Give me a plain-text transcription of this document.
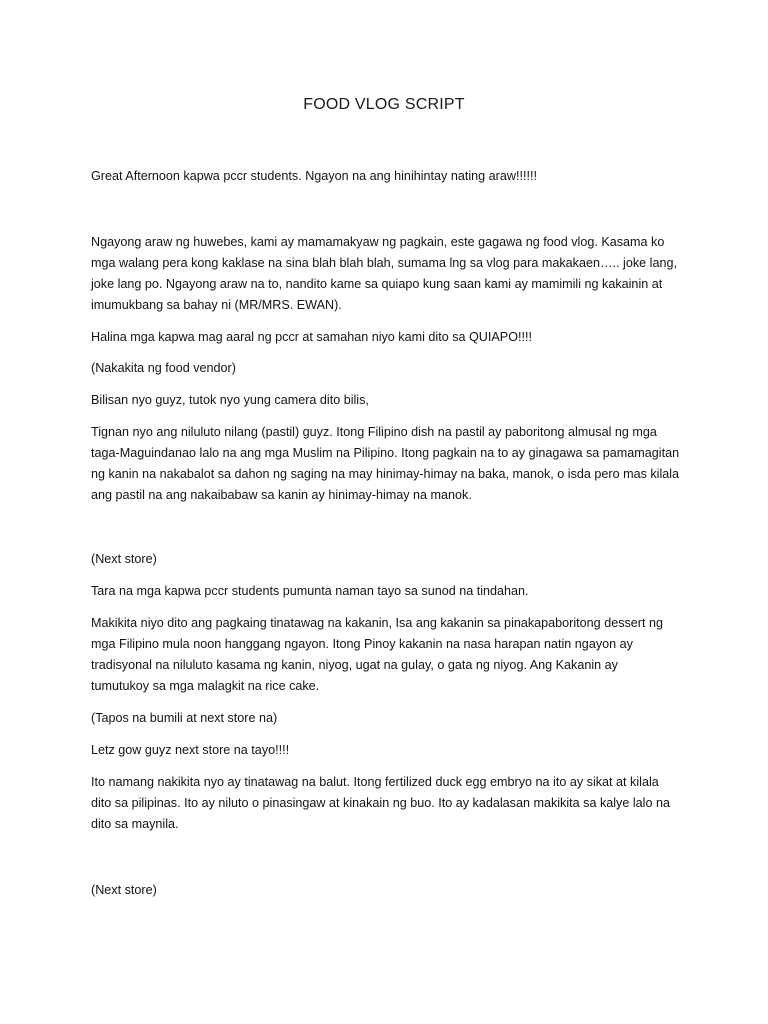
FOOD VLOG SCRIPT

Great Afternoon kapwa pccr students. Ngayon na ang hinihintay nating araw!!!!!!

Ngayong araw ng huwebes, kami ay mamamakyaw ng pagkain, este gagawa ng food vlog. Kasama ko
mga walang pera kong kaklase na sina blah blah blah, sumama lng sa vlog para makakaen….. joke lang,
joke lang po. Ngayong araw na to, nandito kame sa quiapo kung saan kami ay mamimili ng kakainin at
imumukbang sa bahay ni (MR/MRS. EWAN).

Halina mga kapwa mag aaral ng pccr at samahan niyo kami dito sa QUIAPO!!!!

(Nakakita ng food vendor)

Bilisan nyo guyz, tutok nyo yung camera dito bilis,

Tignan nyo ang niluluto nilang (pastil) guyz. Itong Filipino dish na pastil ay paboritong almusal ng mga
taga-Maguindanao lalo na ang mga Muslim na Pilipino. Itong pagkain na to ay ginagawa sa pamamagitan
ng kanin na nakabalot sa dahon ng saging na may hinimay-himay na baka, manok, o isda pero mas kilala
ang pastil na ang nakaibabaw sa kanin ay hinimay-himay na manok.

(Next store)

Tara na mga kapwa pccr students pumunta naman tayo sa sunod na tindahan.

Makikita niyo dito ang pagkaing tinatawag na kakanin, Isa ang kakanin sa pinakapaboritong dessert ng
mga Filipino mula noon hanggang ngayon. Itong Pinoy kakanin na nasa harapan natin ngayon ay
tradisyonal na niluluto kasama ng kanin, niyog, ugat na gulay, o gata ng niyog. Ang Kakanin ay
tumutukoy sa mga malagkit na rice cake.

(Tapos na bumili at next store na)

Letz gow guyz next store na tayo!!!!

Ito namang nakikita nyo ay tinatawag na balut. Itong fertilized duck egg embryo na ito ay sikat at kilala
dito sa pilipinas. Ito ay niluto o pinasingaw at kinakain ng buo. Ito ay kadalasan makikita sa kalye lalo na
dito sa maynila.

(Next store)
